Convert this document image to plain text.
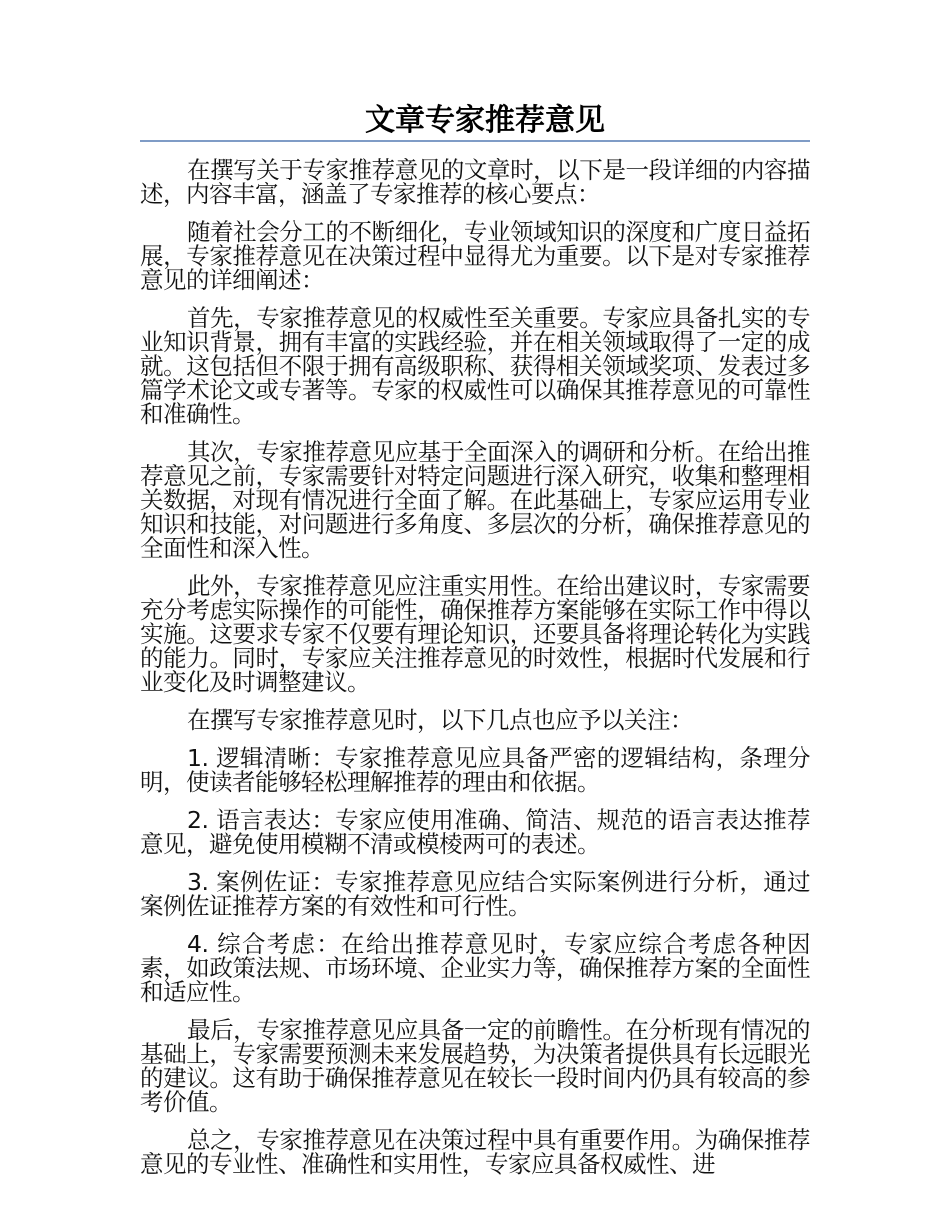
文章专家推荐意见

在撰写关于专家推荐意见的文章时，以下是一段详细的内容描述，内容丰富，涵盖了专家推荐的核心要点：

随着社会分工的不断细化，专业领域知识的深度和广度日益拓展，专家推荐意见在决策过程中显得尤为重要。以下是对专家推荐意见的详细阐述：

首先，专家推荐意见的权威性至关重要。专家应具备扎实的专业知识背景，拥有丰富的实践经验，并在相关领域取得了一定的成就。这包括但不限于拥有高级职称、获得相关领域奖项、发表过多篇学术论文或专著等。专家的权威性可以确保其推荐意见的可靠性和准确性。

其次，专家推荐意见应基于全面深入的调研和分析。在给出推荐意见之前，专家需要针对特定问题进行深入研究，收集和整理相关数据，对现有情况进行全面了解。在此基础上，专家应运用专业知识和技能，对问题进行多角度、多层次的分析，确保推荐意见的全面性和深入性。

此外，专家推荐意见应注重实用性。在给出建议时，专家需要充分考虑实际操作的可能性，确保推荐方案能够在实际工作中得以实施。这要求专家不仅要有理论知识，还要具备将理论转化为实践的能力。同时，专家应关注推荐意见的时效性，根据时代发展和行业变化及时调整建议。

在撰写专家推荐意见时，以下几点也应予以关注：

1. 逻辑清晰：专家推荐意见应具备严密的逻辑结构，条理分明，使读者能够轻松理解推荐的理由和依据。

2. 语言表达：专家应使用准确、简洁、规范的语言表达推荐意见，避免使用模糊不清或模棱两可的表述。

3. 案例佐证：专家推荐意见应结合实际案例进行分析，通过案例佐证推荐方案的有效性和可行性。

4. 综合考虑：在给出推荐意见时，专家应综合考虑各种因素，如政策法规、市场环境、企业实力等，确保推荐方案的全面性和适应性。

最后，专家推荐意见应具备一定的前瞻性。在分析现有情况的基础上，专家需要预测未来发展趋势，为决策者提供具有长远眼光的建议。这有助于确保推荐意见在较长一段时间内仍具有较高的参考价值。

总之，专家推荐意见在决策过程中具有重要作用。为确保推荐意见的专业性、准确性和实用性，专家应具备权威性、进
